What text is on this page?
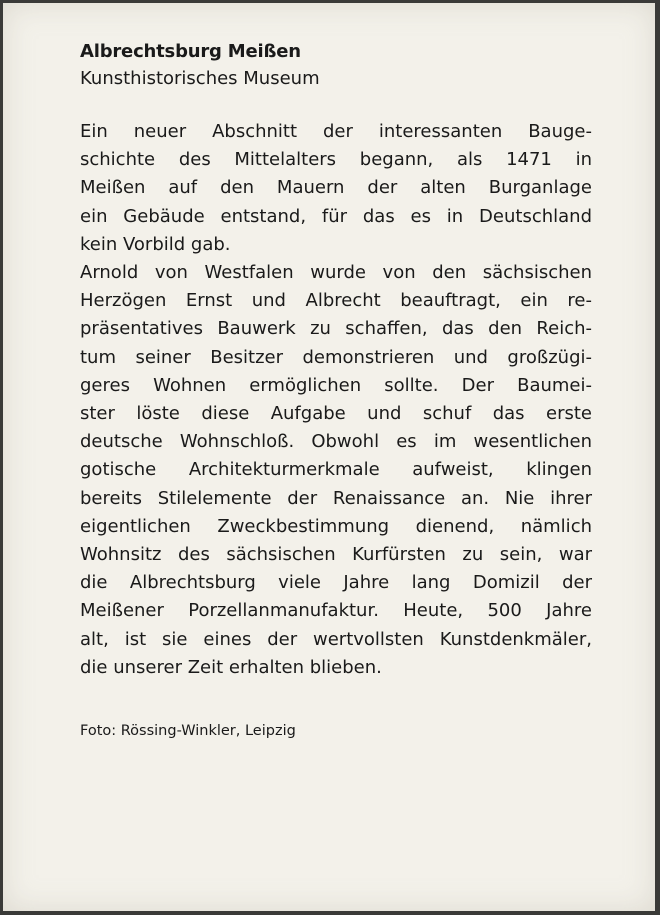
Albrechtsburg Meißen
Kunsthistorisches Museum
Ein neuer Abschnitt der interessanten Bauge-
schichte des Mittelalters begann, als 1471 in
Meißen auf den Mauern der alten Burganlage
ein Gebäude entstand, für das es in Deutschland
kein Vorbild gab.
Arnold von Westfalen wurde von den sächsischen
Herzögen Ernst und Albrecht beauftragt, ein re-
präsentatives Bauwerk zu schaffen, das den Reich-
tum seiner Besitzer demonstrieren und großzügi-
geres Wohnen ermöglichen sollte. Der Baumei-
ster löste diese Aufgabe und schuf das erste
deutsche Wohnschloß. Obwohl es im wesentlichen
gotische Architekturmerkmale aufweist, klingen
bereits Stilelemente der Renaissance an. Nie ihrer
eigentlichen Zweckbestimmung dienend, nämlich
Wohnsitz des sächsischen Kurfürsten zu sein, war
die Albrechtsburg viele Jahre lang Domizil der
Meißener Porzellanmanufaktur. Heute, 500 Jahre
alt, ist sie eines der wertvollsten Kunstdenkmäler,
die unserer Zeit erhalten blieben.
Foto: Rössing-Winkler, Leipzig
